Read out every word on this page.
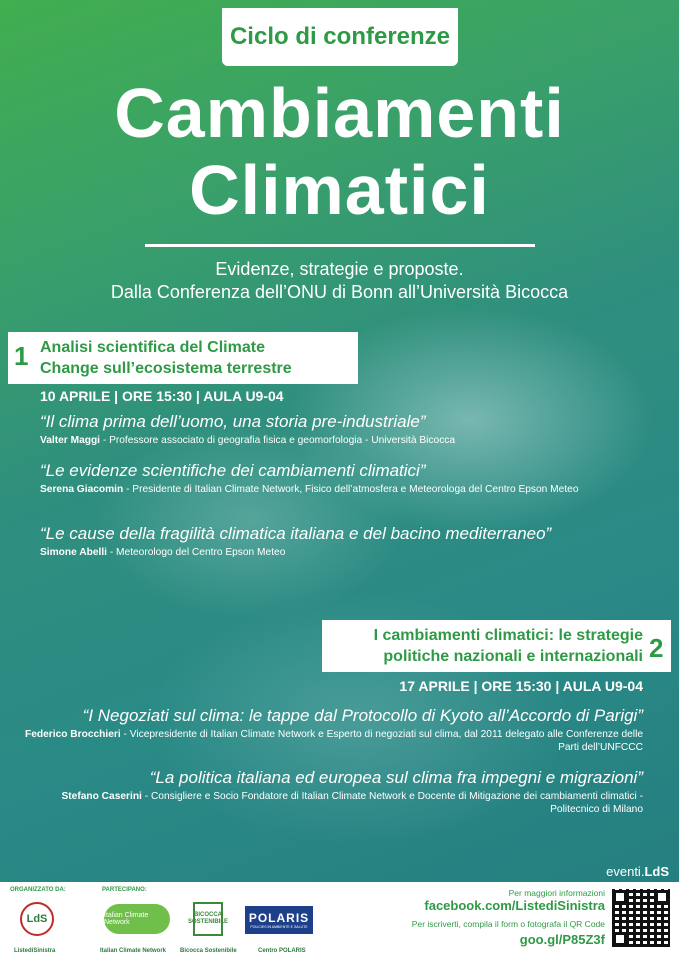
Ciclo di conferenze
Cambiamenti
Climatici
Evidenze, strategie e proposte.
Dalla Conferenza dell’ONU di Bonn all’Università Bicocca
1 Analisi scientifica del Climate
Change sull’ecosistema terrestre
10 APRILE | ORE 15:30 | AULA U9-04
“Il clima prima dell’uomo, una storia pre-industriale”
Valter Maggi - Professore associato di geografia fisica e geomorfologia - Università Bicocca
“Le evidenze scientifiche dei cambiamenti climatici”
Serena Giacomin - Presidente di Italian Climate Network, Fisico dell’atmosfera e Meteorologa del Centro Epson Meteo
“Le cause della fragilità climatica italiana e del bacino mediterraneo”
Simone Abelli - Meteorologo del Centro Epson Meteo
2
I cambiamenti climatici: le strategie
politiche nazionali e internazionali
17 APRILE | ORE 15:30 | AULA U9-04
“I Negoziati sul clima: le tappe dal Protocollo di Kyoto all’Accordo di Parigi”
Federico Brocchieri - Vicepresidente di Italian Climate Network e Esperto di negoziati sul clima, dal 2011 delegato alle Conferenze delle Parti dell’UNFCCC
“La politica italiana ed europea sul clima fra impegni e migrazioni”
Stefano Caserini - Consigliere e Socio Fondatore di Italian Climate Network e Docente di Mitigazione dei cambiamenti climatici - Politecnico di Milano
eventi.LdS
ORGANIZZATO DA:	PARTECIPANO:
LdS
ListediSinistra
Italian Climate Network
Italian Climate Network
BICOCCA SOSTENIBILE
Bicocca Sostenibile
POLARIS
POLICIES IN AMBIENTE E SALUTE
Centro POLARIS
Per maggiori informazioni
facebook.com/ListediSinistra
Per iscriverti, compila il form o fotografa il QR Code
goo.gl/P85Z3f
